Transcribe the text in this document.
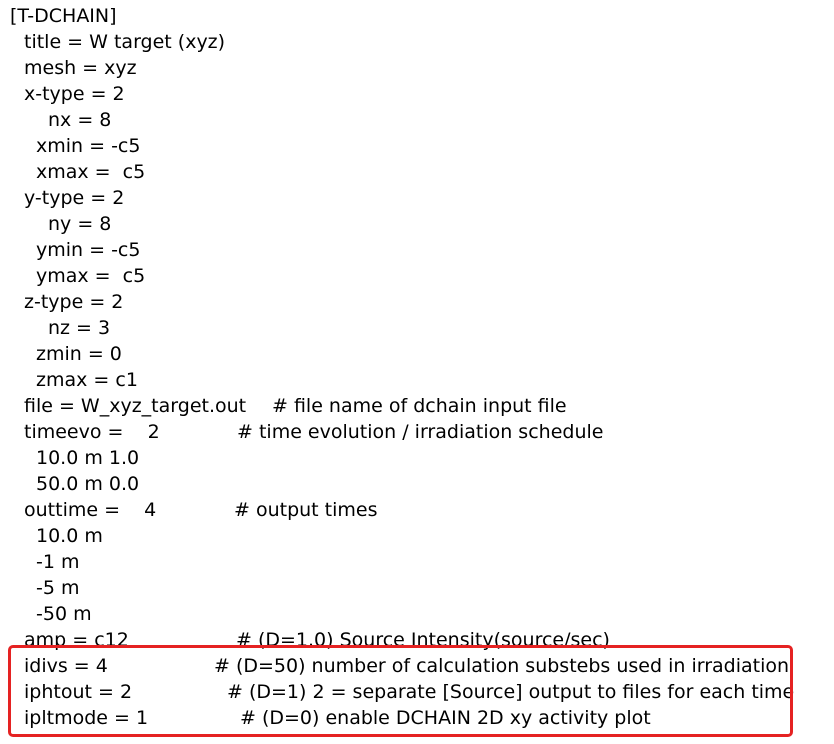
[T-DCHAIN]
title = W target (xyz)
mesh = xyz
x-type = 2
nx = 8
xmin = -c5
xmax =  c5
y-type = 2
ny = 8
ymin = -c5
ymax =  c5
z-type = 2
nz = 3
zmin = 0
zmax = c1
file = W_xyz_target.out # file name of dchain input file
timeevo =    2	# time evolution / irradiation schedule
10.0 m 1.0
50.0 m 0.0
outtime =    4	# output times
10.0 m
-1 m
-5 m
-50 m
amp = c12	# (D=1.0) Source Intensity(source/sec)
idivs = 4	# (D=50) number of calculation substebs used in irradiation
iphtout = 2	# (D=1) 2 = separate [Source] output to files for each time
ipltmode = 1	# (D=0) enable DCHAIN 2D xy activity plot
